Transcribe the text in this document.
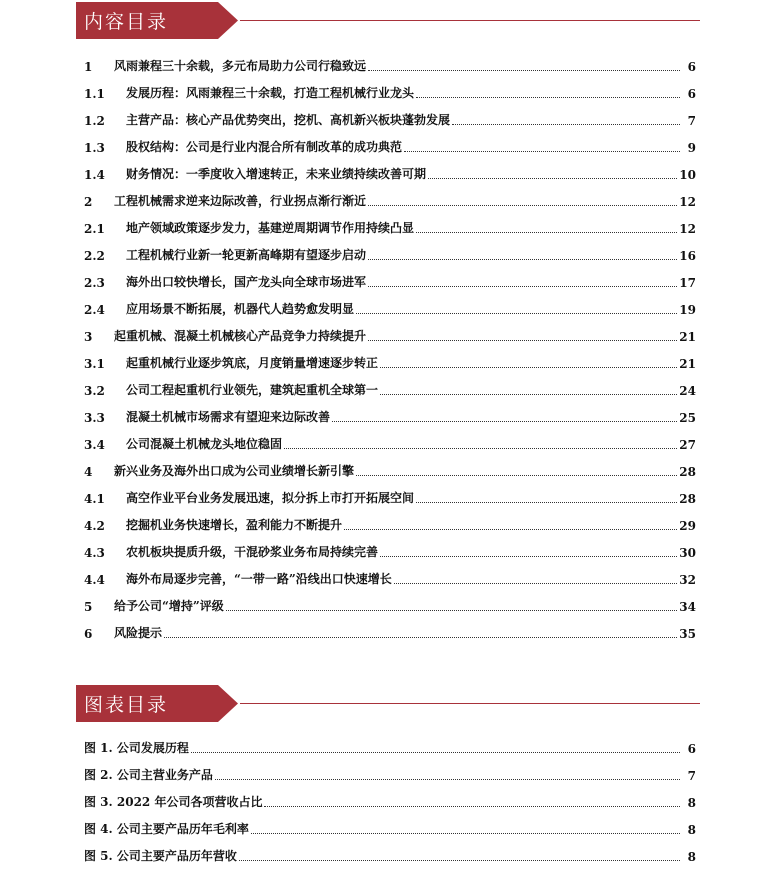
内容目录
1	风雨兼程三十余载，多元布局助力公司行稳致远	6
1.1	发展历程：风雨兼程三十余载，打造工程机械行业龙头	6
1.2	主营产品：核心产品优势突出，挖机、高机新兴板块蓬勃发展	7
1.3	股权结构：公司是行业内混合所有制改革的成功典范	9
1.4	财务情况：一季度收入增速转正，未来业绩持续改善可期	10
2	工程机械需求逆来边际改善，行业拐点渐行渐近	12
2.1	地产领域政策逐步发力，基建逆周期调节作用持续凸显	12
2.2	工程机械行业新一轮更新高峰期有望逐步启动	16
2.3	海外出口较快增长，国产龙头向全球市场进军	17
2.4	应用场景不断拓展，机器代人趋势愈发明显	19
3	起重机械、混凝土机械核心产品竞争力持续提升	21
3.1	起重机械行业逐步筑底，月度销量增速逐步转正	21
3.2	公司工程起重机行业领先，建筑起重机全球第一	24
3.3	混凝土机械市场需求有望迎来边际改善	25
3.4	公司混凝土机械龙头地位稳固	27
4	新兴业务及海外出口成为公司业绩增长新引擎	28
4.1	高空作业平台业务发展迅速，拟分拆上市打开拓展空间	28
4.2	挖掘机业务快速增长，盈利能力不断提升	29
4.3	农机板块提质升级，干混砂浆业务布局持续完善	30
4.4	海外布局逐步完善，“一带一路”沿线出口快速增长	32
5	给予公司“增持”评级	34
6	风险提示	35
图表目录
图 1. 公司发展历程	6
图 2. 公司主营业务产品	7
图 3. 2022 年公司各项营收占比	8
图 4. 公司主要产品历年毛利率	8
图 5. 公司主要产品历年营收	8
